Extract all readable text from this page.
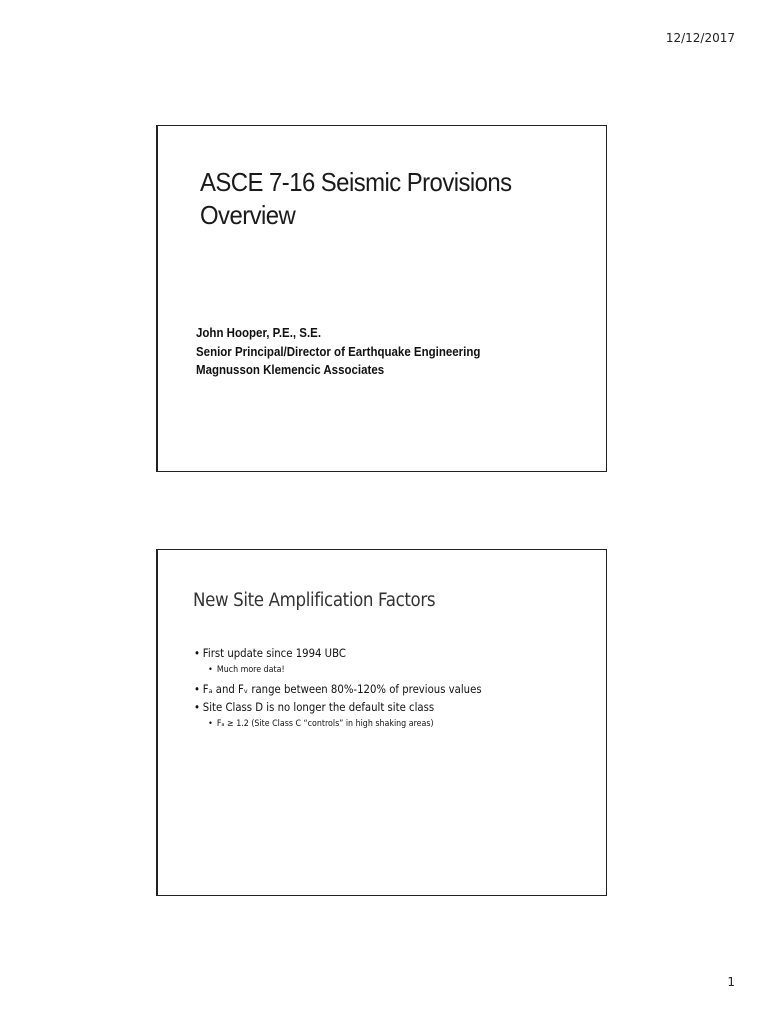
12/12/2017
ASCE 7-16 Seismic Provisions Overview
John Hooper, P.E., S.E.
Senior Principal/Director of Earthquake Engineering
Magnusson Klemencic Associates
New Site Amplification Factors
• First update since 1994 UBC
• Much more data!
• Fₐ and Fᵥ range between 80%-120% of previous values
• Site Class D is no longer the default site class
• Fₐ ≥ 1.2 (Site Class C “controls” in high shaking areas)
1
